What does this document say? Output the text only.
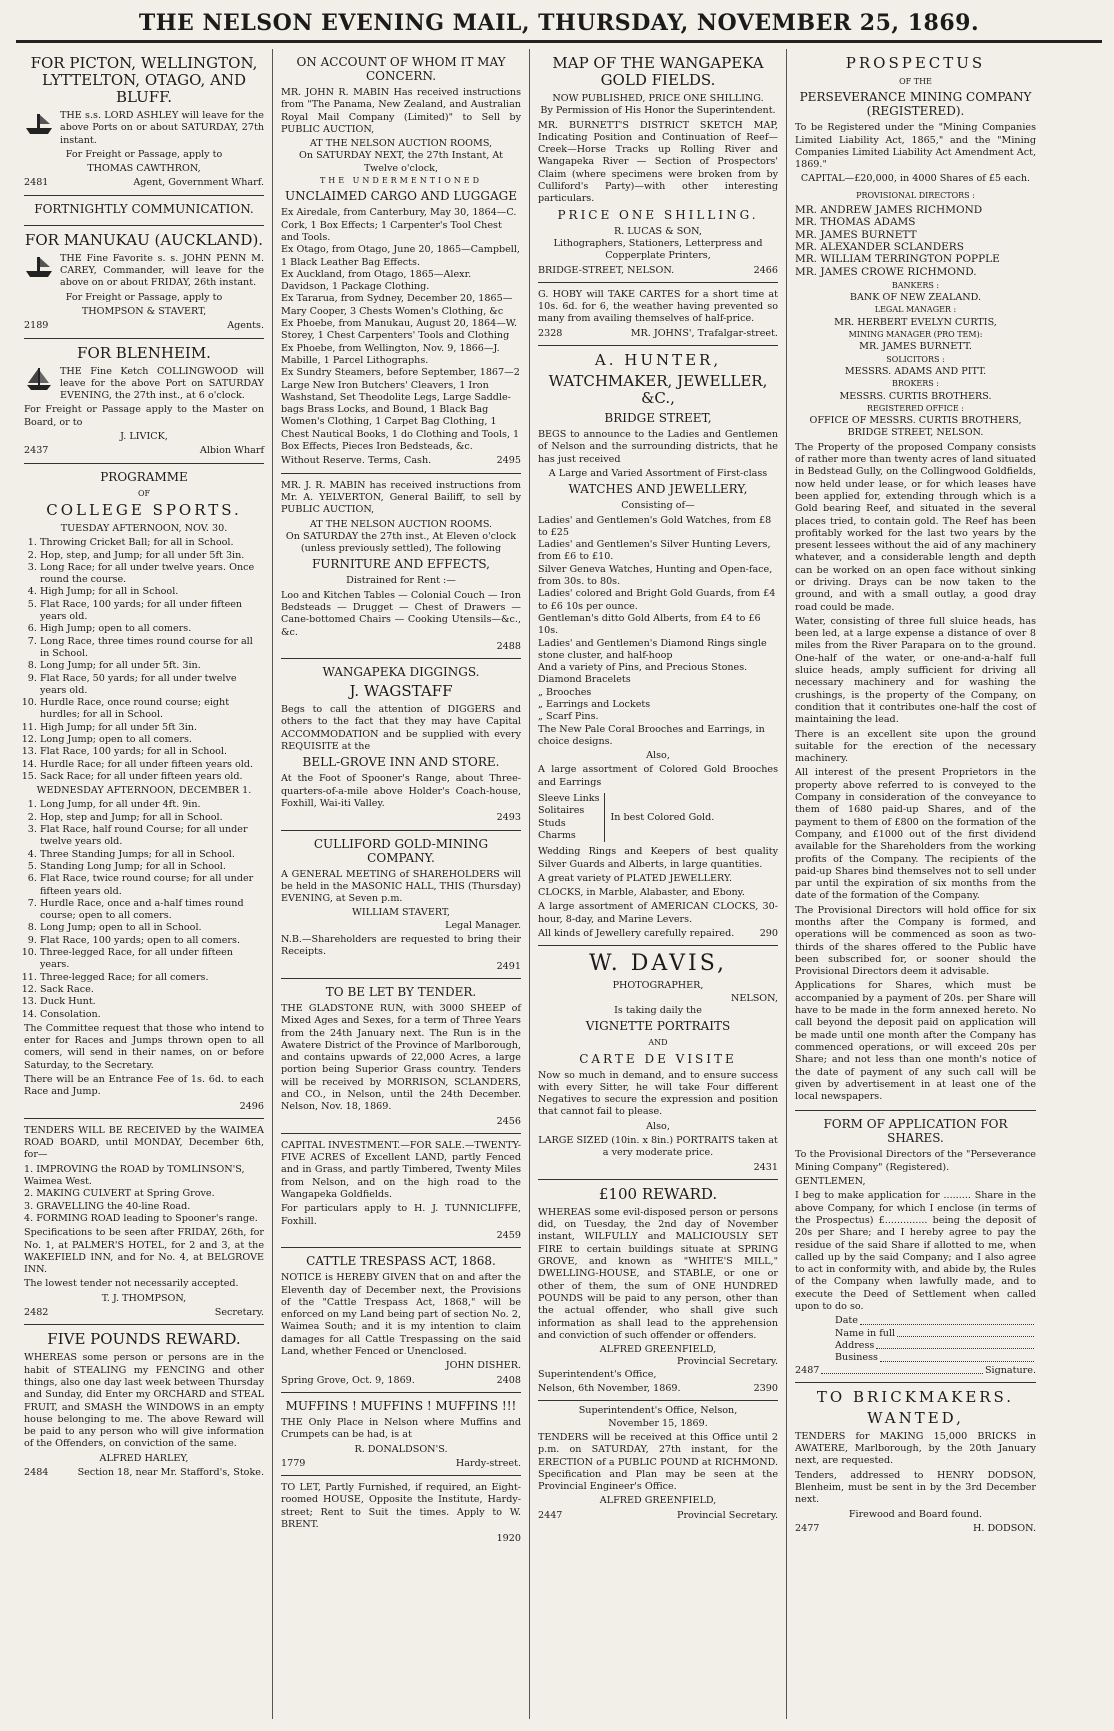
THE NELSON EVENING MAIL, THURSDAY, NOVEMBER 25, 1869.
FOR PICTON, WELLINGTON, LYTTELTON, OTAGO, AND BLUFF.

THE s.s. LORD ASHLEY will leave for the above Ports on or about SATURDAY, 27th instant.

For Freight or Passage, apply to

THOMAS CAWTHRON,
2481	Agent, Government Wharf.
FORTNIGHTLY COMMUNICATION.
FOR MANUKAU (AUCKLAND).

THE Fine Favorite s. s. JOHN PENN M. CAREY, Commander, will leave for the above on or about FRIDAY, 26th instant.

For Freight or Passage, apply to

THOMPSON & STAVERT,
2189	Agents.
FOR BLENHEIM.

THE Fine Ketch COLLINGWOOD will leave for the above Port on SATURDAY EVENING, the 27th inst., at 6 o'clock.

For Freight or Passage apply to the Master on Board, or to

J. LIVICK,
2437	Albion Wharf
PROGRAMME
OF
COLLEGE SPORTS.
TUESDAY AFTERNOON, NOV. 30.
1. Throwing Cricket Ball; for all in School.
2. Hop, step, and Jump; for all under 5ft 3in.
3. Long Race; for all under twelve years. Once round the course.
4. High Jump; for all in School.
5. Flat Race, 100 yards; for all under fifteen years old.
6. High Jump; open to all comers.
7. Long Race, three times round course for all in School.
8. Long Jump; for all under 5ft. 3in.
9. Flat Race, 50 yards; for all under twelve years old.
10. Hurdle Race, once round course; eight hurdles; for all in School.
11. High Jump; for all under 5ft 3in.
12. Long Jump; open to all comers.
13. Flat Race, 100 yards; for all in School.
14. Hurdle Race; for all under fifteen years old.
15. Sack Race; for all under fifteen years old.
WEDNESDAY AFTERNOON, DECEMBER 1.
1. Long Jump, for all under 4ft. 9in.
2. Hop, step and Jump; for all in School.
3. Flat Race, half round Course; for all under twelve years old.
4. Three Standing Jumps; for all in School.
5. Standing Long Jump; for all in School.
6. Flat Race, twice round course; for all under fifteen years old.
7. Hurdle Race, once and a-half times round course; open to all comers.
8. Long Jump; open to all in School.
9. Flat Race, 100 yards; open to all comers.
10. Three-legged Race, for all under fifteen years.
11. Three-legged Race; for all comers.
12. Sack Race.
13. Duck Hunt.
14. Consolation.

The Committee request that those who intend to enter for Races and Jumps thrown open to all comers, will send in their names, on or before Saturday, to the Secretary.

There will be an Entrance Fee of 1s. 6d. to each Race and Jump.

2496

TENDERS WILL BE RECEIVED by the WAIMEA ROAD BOARD, until MONDAY, December 6th, for—

1. IMPROVING the ROAD by TOMLINSON'S, Waimea West.
2. MAKING CULVERT at Spring Grove.
3. GRAVELLING the 40-line Road.
4. FORMING ROAD leading to Spooner's range.

Specifications to be seen after FRIDAY, 26th, for No. 1, at PALMER'S HOTEL, for 2 and 3, at the WAKEFIELD INN, and for No. 4, at BELGROVE INN.

The lowest tender not necessarily accepted.

T. J. THOMPSON,
2482	Secretary.
FIVE POUNDS REWARD.

WHEREAS some person or persons are in the habit of STEALING my FENCING and other things, also one day last week between Thursday and Sunday, did Enter my ORCHARD and STEAL FRUIT, and SMASH the WINDOWS in an empty house belonging to me. The above Reward will be paid to any person who will give information of the Offenders, on conviction of the same.

ALFRED HARLEY,
2484	Section 18, near Mr. Stafford's, Stoke.
ON ACCOUNT OF WHOM IT MAY CONCERN.

MR. JOHN R. MABIN Has received instructions from "The Panama, New Zealand, and Australian Royal Mail Company (Limited)" to Sell by PUBLIC AUCTION,

AT THE NELSON AUCTION ROOMS,
On SATURDAY NEXT, the 27th Instant, At Twelve o'clock,
THE UNDERMENTIONED
UNCLAIMED CARGO AND LUGGAGE
Ex Airedale, from Canterbury, May 30, 1864—C. Cork, 1 Box Effects; 1 Carpenter's Tool Chest and Tools.
Ex Otago, from Otago, June 20, 1865—Campbell, 1 Black Leather Bag Effects.
Ex Auckland, from Otago, 1865—Alexr. Davidson, 1 Package Clothing.
Ex Tararua, from Sydney, December 20, 1865—Mary Cooper, 3 Chests Women's Clothing, &c
Ex Phoebe, from Manukau, August 20, 1864—W. Storey, 1 Chest Carpenters' Tools and Clothing
Ex Phoebe, from Wellington, Nov. 9, 1866—J. Mabille, 1 Parcel Lithographs.
Ex Sundry Steamers, before September, 1867—2 Large New Iron Butchers' Cleavers, 1 Iron Washstand, Set Theodolite Legs, Large Saddle-bags Brass Locks, and Bound, 1 Black Bag Women's Clothing, 1 Carpet Bag Clothing, 1 Chest Nautical Books, 1 do Clothing and Tools, 1 Box Effects, Pieces Iron Bedsteads, &c.
Without Reserve. Terms, Cash.	2495

MR. J. R. MABIN has received instructions from Mr. A. YELVERTON, General Bailiff, to sell by PUBLIC AUCTION,

AT THE NELSON AUCTION ROOMS.
On SATURDAY the 27th inst., At Eleven o'clock (unless previously settled), The following
FURNITURE AND EFFECTS,
Distrained for Rent :—

Loo and Kitchen Tables — Colonial Couch — Iron Bedsteads — Drugget — Chest of Drawers — Cane-bottomed Chairs — Cooking Utensils—&c., &c.

2488
WANGAPEKA DIGGINGS.
J. WAGSTAFF

Begs to call the attention of DIGGERS and others to the fact that they may have Capital ACCOMMODATION and be supplied with every REQUISITE at the

BELL-GROVE INN AND STORE.

At the Foot of Spooner's Range, about Three-quarters-of-a-mile above Holder's Coach-house, Foxhill, Wai-iti Valley.

2493
CULLIFORD GOLD-MINING COMPANY.

A GENERAL MEETING of SHAREHOLDERS will be held in the MASONIC HALL, THIS (Thursday) EVENING, at Seven p.m.

WILLIAM STAVERT,
Legal Manager.

N.B.—Shareholders are requested to bring their Receipts.

2491
TO BE LET BY TENDER.

THE GLADSTONE RUN, with 3000 SHEEP of Mixed Ages and Sexes, for a term of Three Years from the 24th January next. The Run is in the Awatere District of the Province of Marlborough, and contains upwards of 22,000 Acres, a large portion being Superior Grass country. Tenders will be received by MORRISON, SCLANDERS, and CO., in Nelson, until the 24th December. Nelson, Nov. 18, 1869.

2456

CAPITAL INVESTMENT.—FOR SALE.—TWENTY-FIVE ACRES of Excellent LAND, partly Fenced and in Grass, and partly Timbered, Twenty Miles from Nelson, and on the high road to the Wangapeka Goldfields.

For particulars apply to H. J. TUNNICLIFFE, Foxhill.

2459
CATTLE TRESPASS ACT, 1868.

NOTICE is HEREBY GIVEN that on and after the Eleventh day of December next, the Provisions of the "Cattle Trespass Act, 1868," will be enforced on my Land being part of section No. 2, Waimea South; and it is my intention to claim damages for all Cattle Trespassing on the said Land, whether Fenced or Unenclosed.

JOHN DISHER.
Spring Grove, Oct. 9, 1869.	2408
MUFFINS ! MUFFINS ! MUFFINS !!!

THE Only Place in Nelson where Muffins and Crumpets can be had, is at

R. DONALDSON'S.
1779	Hardy-street.

TO LET, Partly Furnished, if required, an Eight-roomed HOUSE, Opposite the Institute, Hardy-street; Rent to Suit the times. Apply to W. BRENT.

1920
MAP OF THE WANGAPEKA GOLD FIELDS.
NOW PUBLISHED, PRICE ONE SHILLING.
By Permission of His Honor the Superintendent.

MR. BURNETT'S DISTRICT SKETCH MAP, Indicating Position and Continuation of Reef—Creek—Horse Tracks up Rolling River and Wangapeka River — Section of Prospectors' Claim (where specimens were broken from by Culliford's Party)—with other interesting particulars.

PRICE ONE SHILLING.
R. LUCAS & SON,
Lithographers, Stationers, Letterpress and Copperplate Printers,
BRIDGE-STREET, NELSON.	2466

G. HOBY will TAKE CARTES for a short time at 10s. 6d. for 6, the weather having prevented so many from availing themselves of half-price.

2328	MR. JOHNS', Trafalgar-street.
A. HUNTER,
WATCHMAKER, JEWELLER, &C.,
BRIDGE STREET,

BEGS to announce to the Ladies and Gentlemen of Nelson and the surrounding districts, that he has just received

A Large and Varied Assortment of First-class
WATCHES AND JEWELLERY,
Consisting of—
Ladies' and Gentlemen's Gold Watches, from £8 to £25
Ladies' and Gentlemen's Silver Hunting Levers, from £6 to £10.
Silver Geneva Watches, Hunting and Open-face, from 30s. to 80s.
Ladies' colored and Bright Gold Guards, from £4 to £6 10s per ounce.
Gentleman's ditto Gold Alberts, from £4 to £6 10s.
Ladies' and Gentlemen's Diamond Rings single stone cluster, and half-hoop
And a variety of Pins, and Precious Stones.
Diamond Bracelets
„ Brooches
„ Earrings and Lockets
„ Scarf Pins.
The New Pale Coral Brooches and Earrings, in choice designs.
Also,

A large assortment of Colored Gold Brooches and Earrings

Sleeve Links
Solitaires
Studs
Charms
In best Colored Gold.

Wedding Rings and Keepers of best quality Silver Guards and Alberts, in large quantities.

A great variety of PLATED JEWELLERY.

CLOCKS, in Marble, Alabaster, and Ebony.

A large assortment of AMERICAN CLOCKS, 30-hour, 8-day, and Marine Levers.

All kinds of Jewellery carefully repaired.	290
W. DAVIS,
PHOTOGRAPHER,
NELSON,
Is taking daily the
VIGNETTE PORTRAITS
AND
CARTE DE VISITE

Now so much in demand, and to ensure success with every Sitter, he will take Four different Negatives to secure the expression and position that cannot fail to please.

Also,

LARGE SIZED (10in. x 8in.) PORTRAITS taken at a very moderate price.

2431
£100 REWARD.

WHEREAS some evil-disposed person or persons did, on Tuesday, the 2nd day of November instant, WILFULLY and MALICIOUSLY SET FIRE to certain buildings situate at SPRING GROVE, and known as "WHITE'S MILL," DWELLING-HOUSE, and STABLE, or one or other of them, the sum of ONE HUNDRED POUNDS will be paid to any person, other than the actual offender, who shall give such information as shall lead to the apprehension and conviction of such offender or offenders.

ALFRED GREENFIELD,
Provincial Secretary.
Superintendent's Office,
Nelson, 6th November, 1869.	2390
Superintendent's Office, Nelson,
November 15, 1869.

TENDERS will be received at this Office until 2 p.m. on SATURDAY, 27th instant, for the ERECTION of a PUBLIC POUND at RICHMOND. Specification and Plan may be seen at the Provincial Engineer's Office.

ALFRED GREENFIELD,
2447	Provincial Secretary.
PROSPECTUS
OF THE
PERSEVERANCE MINING COMPANY (REGISTERED).

To be Registered under the "Mining Companies Limited Liability Act, 1865," and the "Mining Companies Limited Liability Act Amendment Act, 1869."

CAPITAL—£20,000, in 4000 Shares of £5 each.
PROVISIONAL DIRECTORS :
MR. ANDREW JAMES RICHMOND
MR. THOMAS ADAMS
MR. JAMES BURNETT
MR. ALEXANDER SCLANDERS
MR. WILLIAM TERRINGTON POPPLE
MR. JAMES CROWE RICHMOND.
BANKERS :
BANK OF NEW ZEALAND.
LEGAL MANAGER :
MR. HERBERT EVELYN CURTIS,
MINING MANAGER (PRO TEM):
MR. JAMES BURNETT.
SOLICITORS :
MESSRS. ADAMS AND PITT.
BROKERS :
MESSRS. CURTIS BROTHERS.
REGISTERED OFFICE :
OFFICE OF MESSRS. CURTIS BROTHERS,
BRIDGE STREET, NELSON.

The Property of the proposed Company consists of rather more than twenty acres of land situated in Bedstead Gully, on the Collingwood Goldfields, now held under lease, or for which leases have been applied for, extending through which is a Gold bearing Reef, and situated in the several places tried, to contain gold. The Reef has been profitably worked for the last two years by the present lessees without the aid of any machinery whatever, and a considerable length and depth can be worked on an open face without sinking or driving. Drays can be now taken to the ground, and with a small outlay, a good dray road could be made.

Water, consisting of three full sluice heads, has been led, at a large expense a distance of over 8 miles from the River Parapara on to the ground. One-half of the water, or one-and-a-half full sluice heads, amply sufficient for driving all necessary machinery and for washing the crushings, is the property of the Company, on condition that it contributes one-half the cost of maintaining the lead.

There is an excellent site upon the ground suitable for the erection of the necessary machinery.

All interest of the present Proprietors in the property above referred to is conveyed to the Company in consideration of the conveyance to them of 1680 paid-up Shares, and of the payment to them of £800 on the formation of the Company, and £1000 out of the first dividend available for the Shareholders from the working profits of the Company. The recipients of the paid-up Shares bind themselves not to sell under par until the expiration of six months from the date of the formation of the Company.

The Provisional Directors will hold office for six months after the Company is formed, and operations will be commenced as soon as two-thirds of the shares offered to the Public have been subscribed for, or sooner should the Provisional Directors deem it advisable.

Applications for Shares, which must be accompanied by a payment of 20s. per Share will have to be made in the form annexed hereto. No call beyond the deposit paid on application will be made until one month after the Company has commenced operations, or will exceed 20s per Share; and not less than one month's notice of the date of payment of any such call will be given by advertisement in at least one of the local newspapers.

FORM OF APPLICATION FOR SHARES.

To the Provisional Directors of the "Perseverance Mining Company" (Registered).

GENTLEMEN,

I beg to make application for ......... Share in the above Company, for which I enclose (in terms of the Prospectus) £.............. being the deposit of 20s per Share; and I hereby agree to pay the residue of the said Share if allotted to me, when called up by the said Company; and I also agree to act in conformity with, and abide by, the Rules of the Company when lawfully made, and to execute the Deed of Settlement when called upon to do so.

Date
Name in full
Address
Business
2487	Signature.
TO BRICKMAKERS.
WANTED,

TENDERS for MAKING 15,000 BRICKS in AWATERE, Marlborough, by the 20th January next, are requested.

Tenders, addressed to HENRY DODSON, Blenheim, must be sent in by the 3rd December next.

Firewood and Board found.
2477	H. DODSON.
